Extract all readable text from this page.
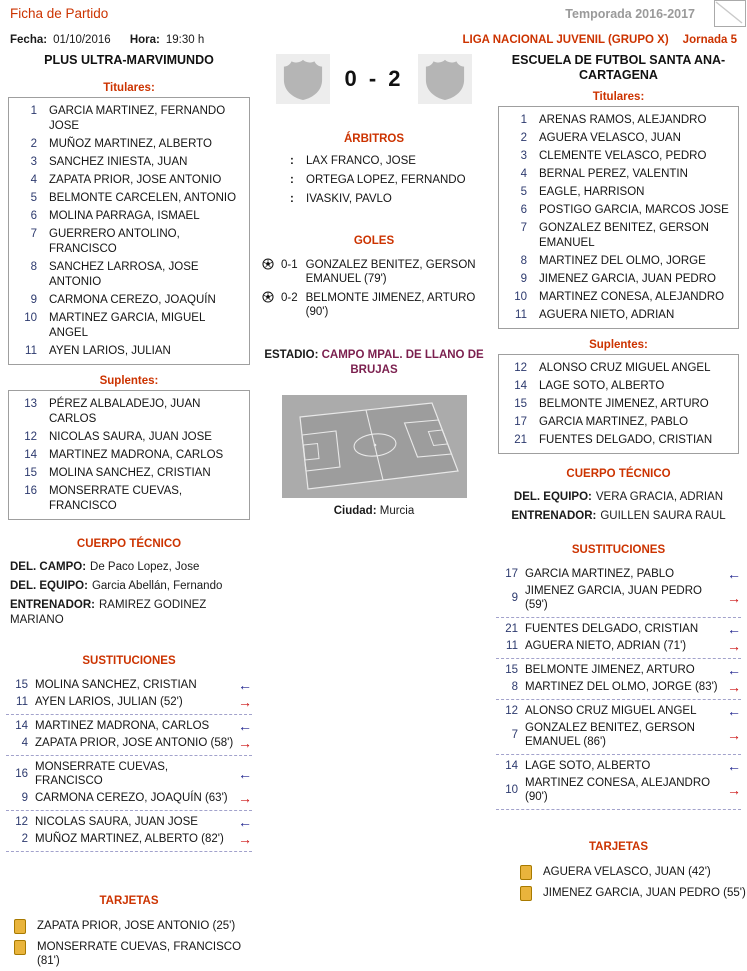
Ficha de Partido	Temporada 2016-2017
Fecha: 01/10/2016 Hora: 19:30 h	LIGA NACIONAL JUVENIL (GRUPO X) Jornada 5
PLUS ULTRA-MARVIMUNDO
Titulares:
1 GARCIA MARTINEZ, FERNANDO JOSE
2 MUÑOZ MARTINEZ, ALBERTO
3 SANCHEZ INIESTA, JUAN
4 ZAPATA PRIOR, JOSE ANTONIO
5 BELMONTE CARCELEN, ANTONIO
6 MOLINA PARRAGA, ISMAEL
7 GUERRERO ANTOLINO, FRANCISCO
8 SANCHEZ LARROSA, JOSE ANTONIO
9 CARMONA CEREZO, JOAQUÍN
10 MARTINEZ GARCIA, MIGUEL ANGEL
11 AYEN LARIOS, JULIAN
Suplentes:
13 PÉREZ ALBALADEJO, JUAN CARLOS
12 NICOLAS SAURA, JUAN JOSE
14 MARTINEZ MADRONA, CARLOS
15 MOLINA SANCHEZ, CRISTIAN
16 MONSERRATE CUEVAS, FRANCISCO
CUERPO TÉCNICO
DEL. CAMPO: De Paco Lopez, Jose
DEL. EQUIPO: Garcia Abellán, Fernando
ENTRENADOR: RAMIREZ GODINEZ MARIANO
SUSTITUCIONES
15 MOLINA SANCHEZ, CRISTIAN	←
11 AYEN LARIOS, JULIAN (52')	→
14 MARTINEZ MADRONA, CARLOS	←
4 ZAPATA PRIOR, JOSE ANTONIO (58') →
16
MONSERRATE CUEVAS, FRANCISCO	←
9 CARMONA CEREZO, JOAQUÍN (63') →
12 NICOLAS SAURA, JUAN JOSE	←
2 MUÑOZ MARTINEZ, ALBERTO (82')	→
TARJETAS
ZAPATA PRIOR, JOSE ANTONIO (25')
MONSERRATE CUEVAS, FRANCISCO (81')
0 - 2
ÁRBITROS
:	LAX FRANCO, JOSE
:	ORTEGA LOPEZ, FERNANDO
:	IVASKIV, PAVLO
GOLES
0-1 GONZALEZ BENITEZ, GERSON EMANUEL (79')
0-2 BELMONTE JIMENEZ, ARTURO (90')
ESTADIO: CAMPO MPAL. DE LLANO DE BRUJAS
Ciudad: Murcia
ESCUELA DE FUTBOL SANTA ANA-CARTAGENA
Titulares:
1 ARENAS RAMOS, ALEJANDRO
2 AGUERA VELASCO, JUAN
3 CLEMENTE VELASCO, PEDRO
4 BERNAL PEREZ, VALENTIN
5 EAGLE, HARRISON
6 POSTIGO GARCIA, MARCOS JOSE
7 GONZALEZ BENITEZ, GERSON EMANUEL
8 MARTINEZ DEL OLMO, JORGE
9 JIMENEZ GARCIA, JUAN PEDRO
10 MARTINEZ CONESA, ALEJANDRO
11 AGUERA NIETO, ADRIAN
Suplentes:
12 ALONSO CRUZ MIGUEL ANGEL
14 LAGE SOTO, ALBERTO
15 BELMONTE JIMENEZ, ARTURO
17 GARCIA MARTINEZ, PABLO
21 FUENTES DELGADO, CRISTIAN
CUERPO TÉCNICO
DEL. EQUIPO: VERA GRACIA, ADRIAN
ENTRENADOR: GUILLEN SAURA RAUL
SUSTITUCIONES
17 GARCIA MARTINEZ, PABLO	←
9
JIMENEZ GARCIA, JUAN PEDRO (59')	→
21 FUENTES DELGADO, CRISTIAN	←
11 AGUERA NIETO, ADRIAN (71')	→
15 BELMONTE JIMENEZ, ARTURO	←
8 MARTINEZ DEL OLMO, JORGE (83') →
12 ALONSO CRUZ MIGUEL ANGEL	←
7
GONZALEZ BENITEZ, GERSON EMANUEL (86')	→
14 LAGE SOTO, ALBERTO	←
10
MARTINEZ CONESA, ALEJANDRO (90')	→
TARJETAS
AGUERA VELASCO, JUAN (42')
JIMENEZ GARCIA, JUAN PEDRO (55')
